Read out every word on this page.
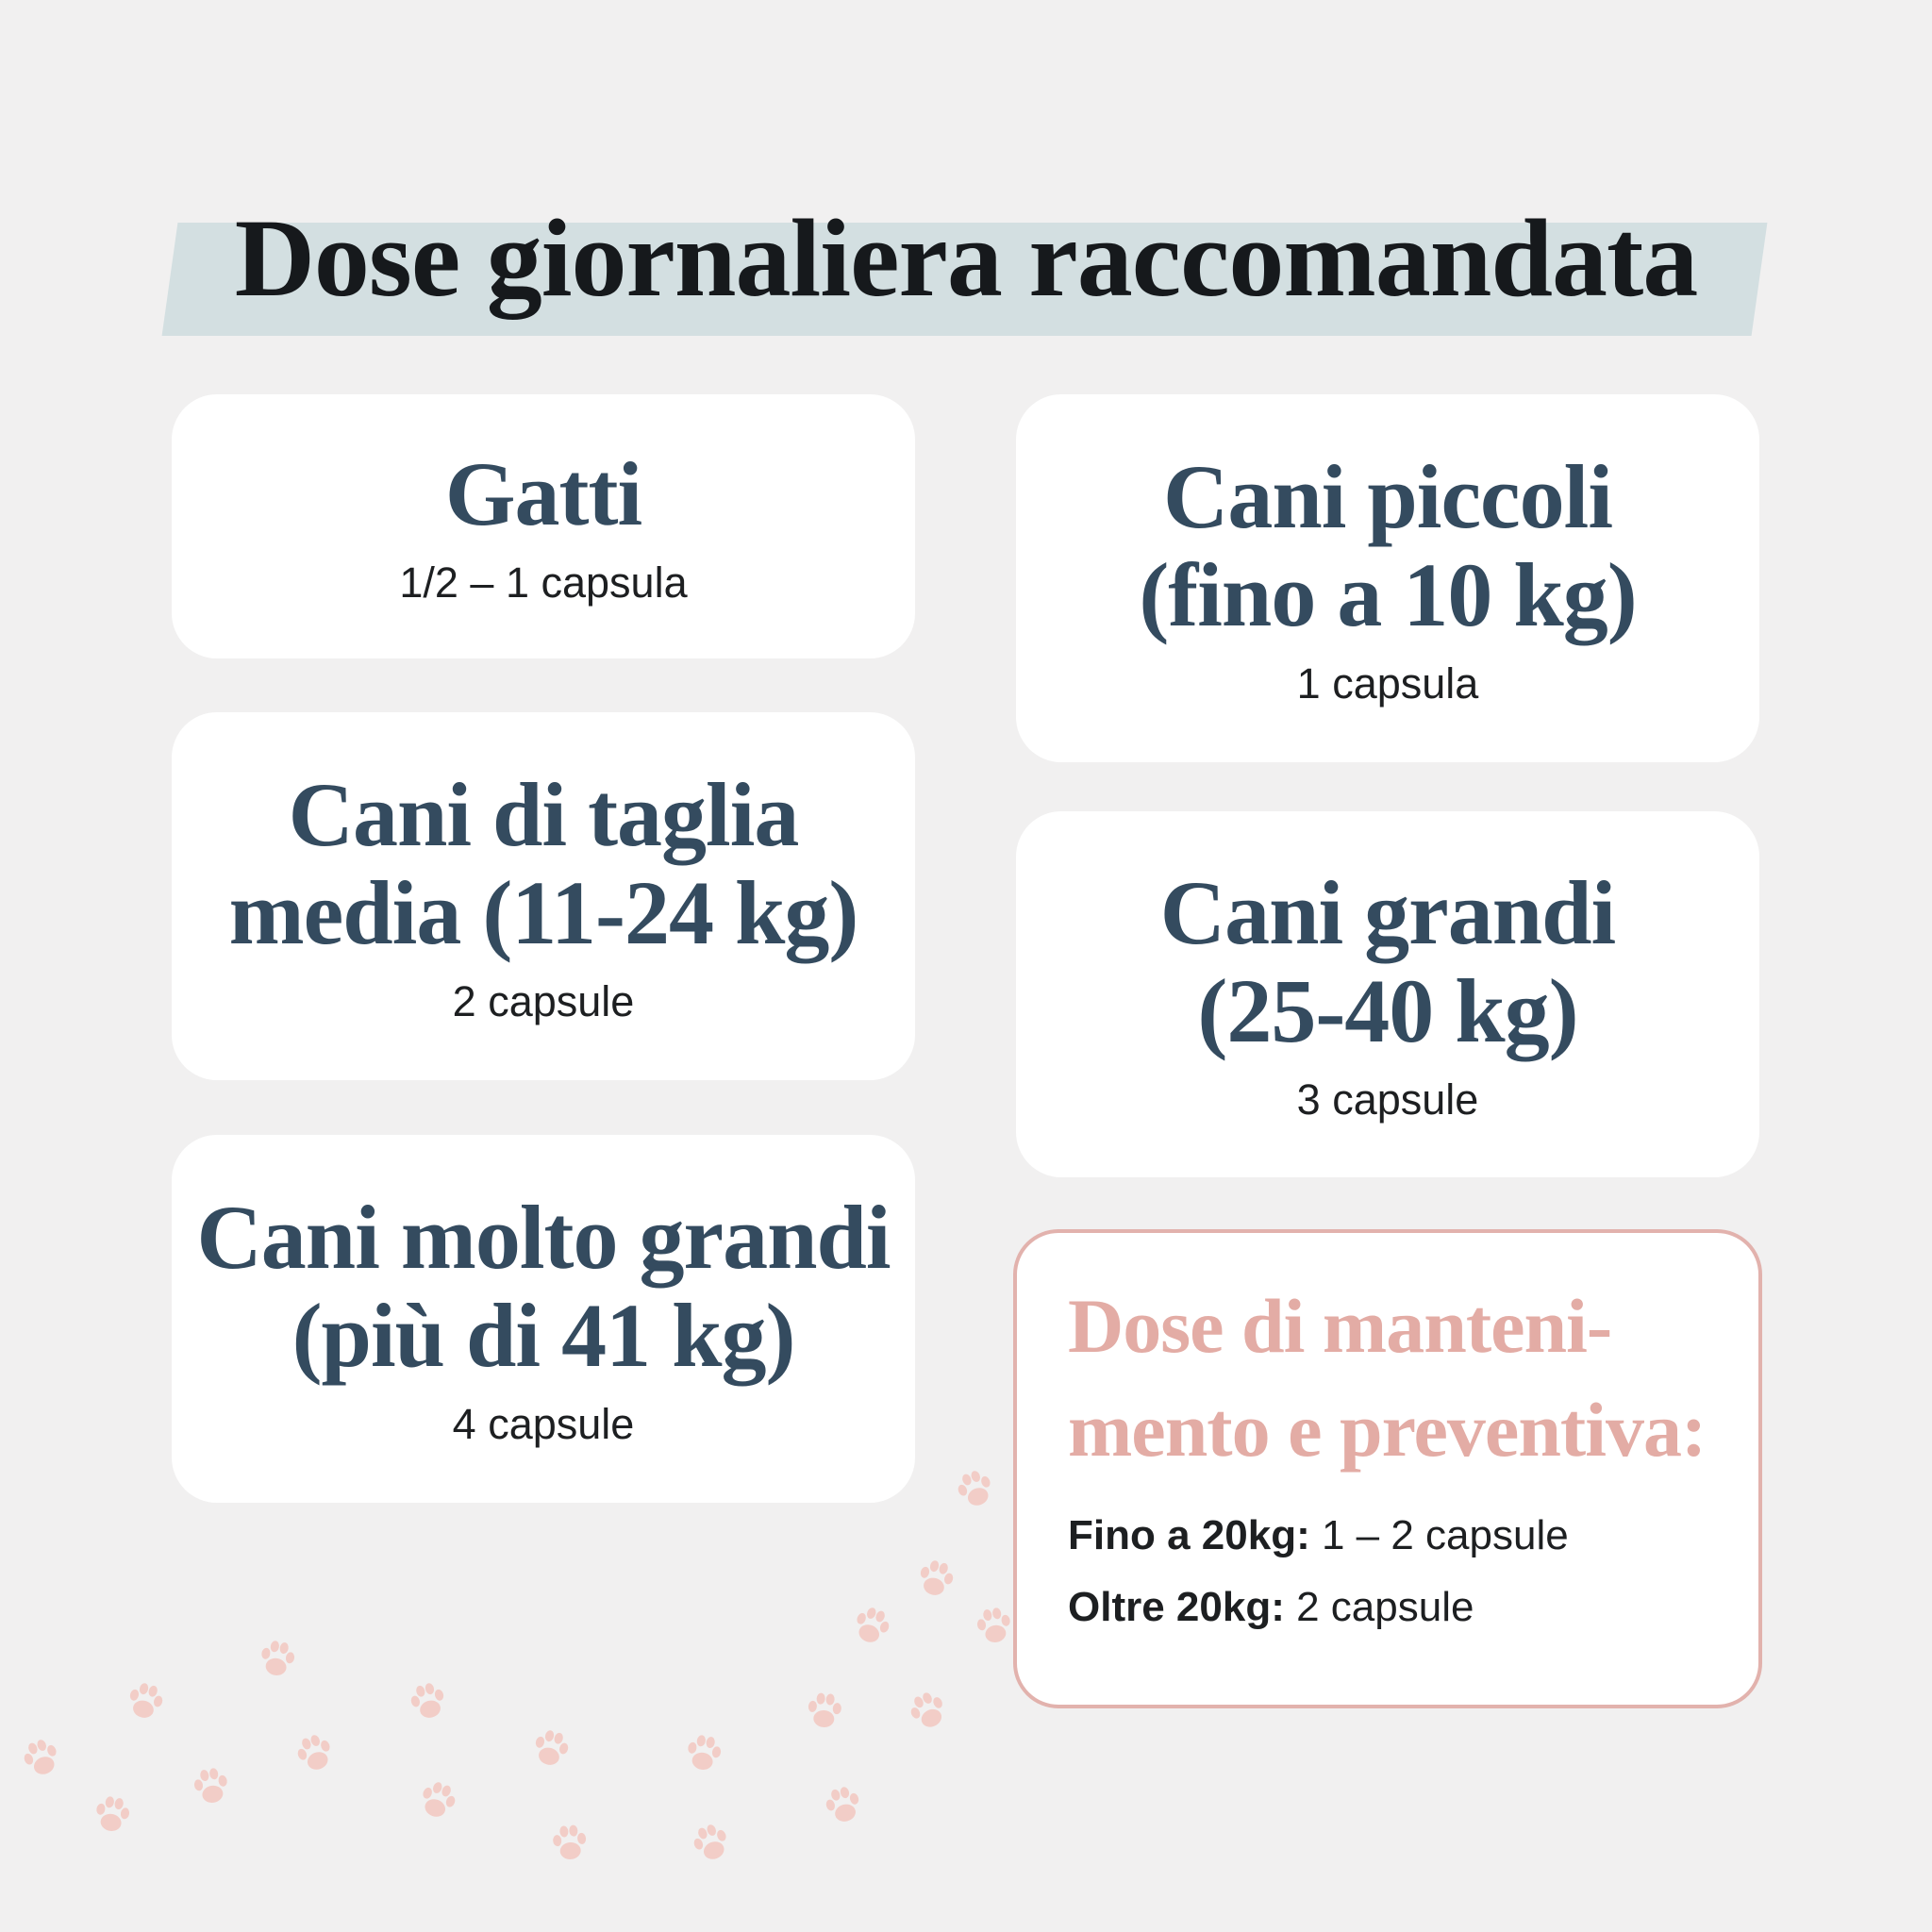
Dose giornaliera raccomandata
Gatti
1/2 – 1 capsula
Cani piccoli
(fino a 10 kg)
1 capsula
Cani di taglia
media (11-24 kg)
2 capsule
Cani grandi
(25-40 kg)
3 capsule
Cani molto grandi
(più di 41 kg)
4 capsule
Dose di manteni-
mento e preventiva:
Fino a 20kg: 1 – 2 capsule
Oltre 20kg: 2 capsule
